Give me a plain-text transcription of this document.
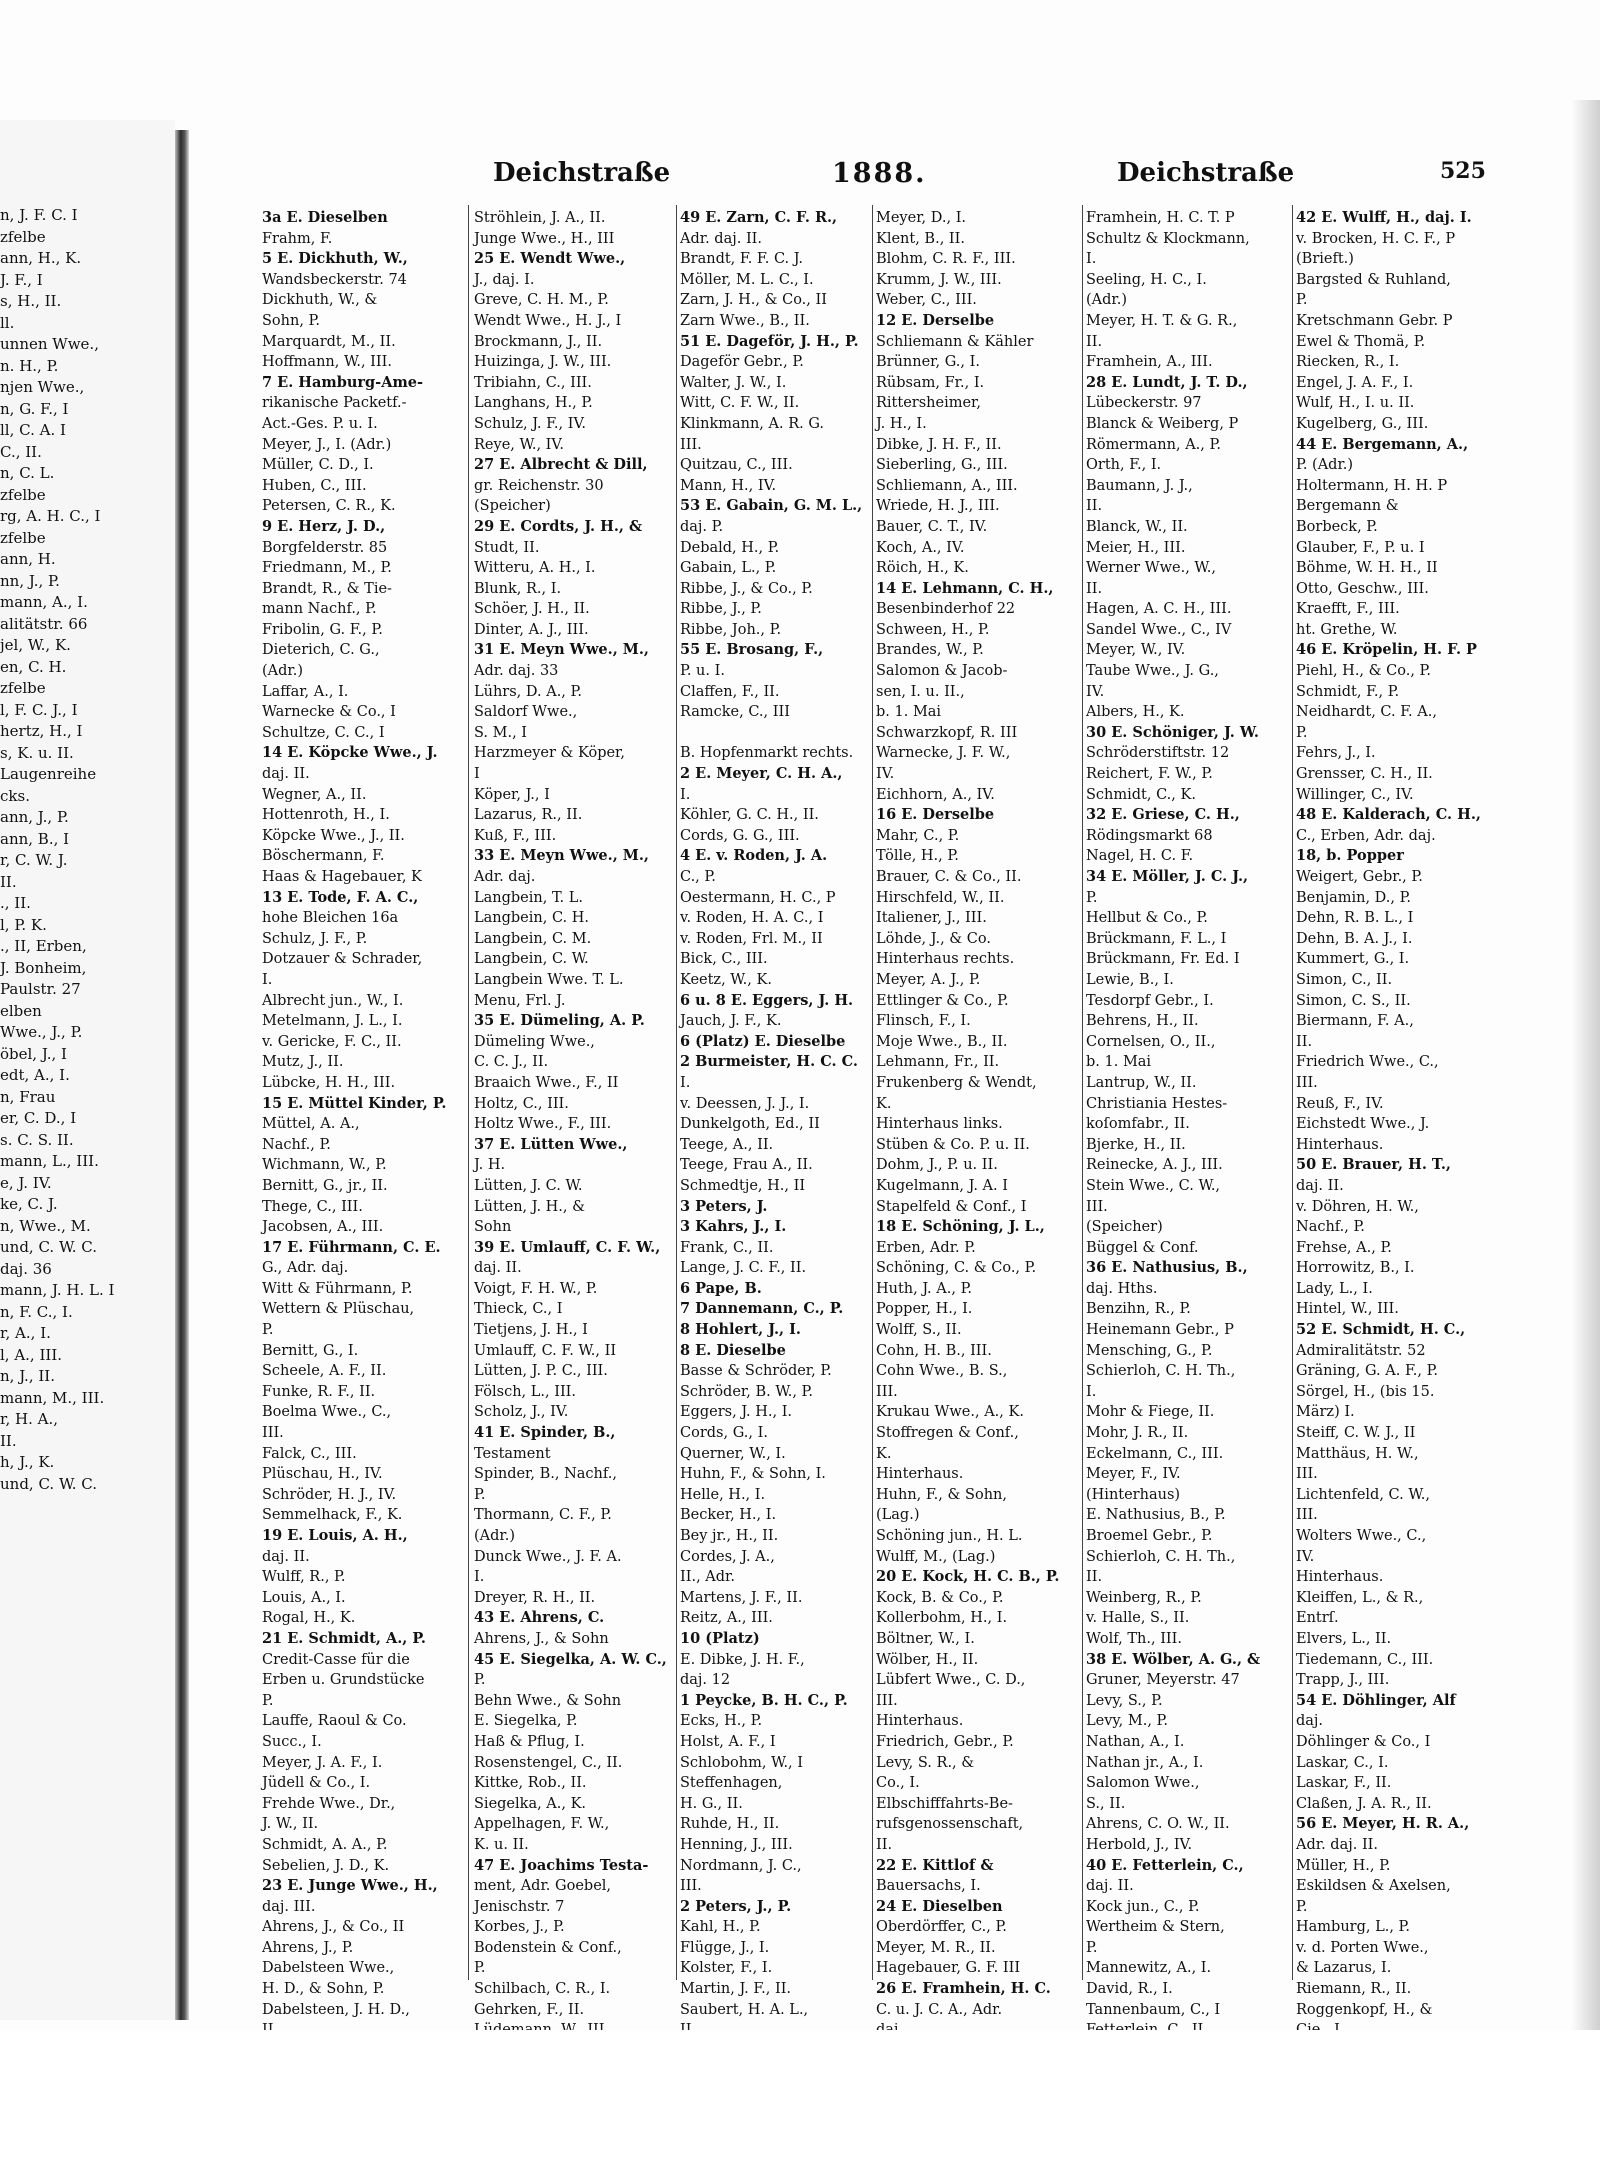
n, J. F. C. I
zfelbe
ann, H., K.
J. F., I
s, H., II.
ll.
unnen Wwe.,
n. H., P.
njen Wwe.,
n, G. F., I
ll, C. A. I
C., II.
n, C. L.
zfelbe
rg, A. H. C., I
zfelbe
ann, H.
nn, J., P.
mann, A., I.
alitätstr. 66
jel, W., K.
en, C. H.
zfelbe
l, F. C. J., I
hertz, H., I
s, K. u. II.
Laugenreihe
cks.
ann, J., P.
ann, B., I
r, C. W. J.
II.
., II.
l, P. K.
., II, Erben,
J. Bonheim,
Paulstr. 27
elben
Wwe., J., P.
öbel, J., I
edt, A., I.
n, Frau
er, C. D., I
s. C. S. II.
mann, L., III.
e, J. IV.
ke, C. J.
n, Wwe., M.
und, C. W. C.
daj. 36
mann, J. H. L. I
n, F. C., I.
r, A., I.
l, A., III.
n, J., II.
mann, M., III.
r, H. A.,
II.
h, J., K.
und, C. W. C.
Deichstraße	1888.	Deichstraße	525
3a E. Dieselben
Frahm, F.
5 E. Dickhuth, W.,
Wandsbeckerstr. 74
Dickhuth, W., &
Sohn, P.
Marquardt, M., II.
Hoffmann, W., III.
7 E. Hamburg-Ame-
rikanische Packetf.-
Act.-Ges. P. u. I.
Meyer, J., I. (Adr.)
Müller, C. D., I.
Huben, C., III.
Petersen, C. R., K.
9 E. Herz, J. D.,
Borgfelderstr. 85
Friedmann, M., P.
Brandt, R., & Tie-
mann Nachf., P.
Fribolin, G. F., P.
Dieterich, C. G.,
(Adr.)
Laffar, A., I.
Warnecke & Co., I
Schultze, C. C., I
14 E. Köpcke Wwe., J.
daj. II.
Wegner, A., II.
Hottenroth, H., I.
Köpcke Wwe., J., II.
Böschermann, F.
Haas & Hagebauer, K
13 E. Tode, F. A. C.,
hohe Bleichen 16a
Schulz, J. F., P.
Dotzauer & Schrader,
I.
Albrecht jun., W., I.
Metelmann, J. L., I.
v. Gericke, F. C., II.
Mutz, J., II.
Lübcke, H. H., III.
15 E. Müttel Kinder, P.
Müttel, A. A.,
Nachf., P.
Wichmann, W., P.
Bernitt, G., jr., II.
Thege, C., III.
Jacobsen, A., III.
17 E. Führmann, C. E.
G., Adr. daj.
Witt & Führmann, P.
Wettern & Plüschau,
P.
Bernitt, G., I.
Scheele, A. F., II.
Funke, R. F., II.
Boelma Wwe., C.,
III.
Falck, C., III.
Plüschau, H., IV.
Schröder, H. J., IV.
Semmelhack, F., K.
19 E. Louis, A. H.,
daj. II.
Wulff, R., P.
Louis, A., I.
Rogal, H., K.
21 E. Schmidt, A., P.
Credit-Casse für die
Erben u. Grundstücke
P.
Lauffe, Raoul & Co.
Succ., I.
Meyer, J. A. F., I.
Jüdell & Co., I.
Frehde Wwe., Dr.,
J. W., II.
Schmidt, A. A., P.
Sebelien, J. D., K.
23 E. Junge Wwe., H.,
daj. III.
Ahrens, J., & Co., II
Ahrens, J., P.
Dabelsteen Wwe.,
H. D., & Sohn, P.
Dabelsteen, J. H. D.,
Ströhlein, J. A., II.
Junge Wwe., H., III
25 E. Wendt Wwe.,
J., daj. I.
Greve, C. H. M., P.
Wendt Wwe., H. J., I
Brockmann, J., II.
Huizinga, J. W., III.
Tribiahn, C., III.
Langhans, H., P.
Schulz, J. F., IV.
Reye, W., IV.
27 E. Albrecht & Dill,
gr. Reichenstr. 30
(Speicher)
29 E. Cordts, J. H., &
Studt, II.
Witteru, A. H., I.
Blunk, R., I.
Schöer, J. H., II.
Dinter, A. J., III.
31 E. Meyn Wwe., M.,
Adr. daj. 33
Lührs, D. A., P.
Saldorf Wwe.,
S. M., I
Harzmeyer & Köper,
I
Köper, J., I
Lazarus, R., II.
Kuß, F., III.
33 E. Meyn Wwe., M.,
Adr. daj.
Langbein, T. L.
Langbein, C. H.
Langbein, C. M.
Langbein, C. W.
Langbein Wwe. T. L.
Menu, Frl. J.
35 E. Dümeling, A. P.
Dümeling Wwe.,
C. C. J., II.
Braaich Wwe., F., II
Holtz, C., III.
Holtz Wwe., F., III.
37 E. Lütten Wwe.,
J. H.
Lütten, J. C. W.
Lütten, J. H., &
Sohn
39 E. Umlauff, C. F. W.,
daj. II.
Voigt, F. H. W., P.
Thieck, C., I
Tietjens, J. H., I
Umlauff, C. F. W., II
Lütten, J. P. C., III.
Fölsch, L., III.
Scholz, J., IV.
41 E. Spinder, B.,
Testament
Spinder, B., Nachf.,
P.
Thormann, C. F., P.
(Adr.)
Dunck Wwe., J. F. A.
I.
Dreyer, R. H., II.
43 E. Ahrens, C.
Ahrens, J., & Sohn
45 E. Siegelka, A. W. C.,
P.
Behn Wwe., & Sohn
E. Siegelka, P.
Haß & Pflug, I.
Rosenstengel, C., II.
Kittke, Rob., II.
Siegelka, A., K.
Appelhagen, F. W.,
K. u. II.
47 E. Joachims Testa-
ment, Adr. Goebel,
Jenischstr. 7
Korbes, J., P.
Bodenstein & Conf.,
P.
Schilbach, C. R., I.
Gehrken, F., II.
49 E. Zarn, C. F. R.,
Adr. daj. II.
Brandt, F. F. C. J.
Möller, M. L. C., I.
Zarn, J. H., & Co., II
Zarn Wwe., B., II.
51 E. Dageför, J. H., P.
Dageför Gebr., P.
Walter, J. W., I.
Witt, C. F. W., II.
Klinkmann, A. R. G.
III.
Quitzau, C., III.
Mann, H., IV.
53 E. Gabain, G. M. L.,
daj. P.
Debald, H., P.
Gabain, L., P.
Ribbe, J., & Co., P.
Ribbe, J., P.
Ribbe, Joh., P.
55 E. Brosang, F.,
P. u. I.
Claffen, F., II.
Ramcke, C., III
B. Hopfenmarkt rechts.
2 E. Meyer, C. H. A.,
I.
Köhler, G. C. H., II.
Cords, G. G., III.
4 E. v. Roden, J. A.
C., P.
Oestermann, H. C., P
v. Roden, H. A. C., I
v. Roden, Frl. M., II
Bick, C., III.
Keetz, W., K.
6 u. 8 E. Eggers, J. H.
Jauch, J. F., K.
6 (Platz) E. Dieselbe
2 Burmeister, H. C. C.
I.
v. Deessen, J. J., I.
Dunkelgoth, Ed., II
Teege, A., II.
Teege, Frau A., II.
Schmedtje, H., II
3 Peters, J.
3 Kahrs, J., I.
Frank, C., II.
Lange, J. C. F., II.
6 Pape, B.
7 Dannemann, C., P.
8 Hohlert, J., I.
8 E. Dieselbe
Basse & Schröder, P.
Schröder, B. W., P.
Eggers, J. H., I.
Cords, G., I.
Querner, W., I.
Huhn, F., & Sohn, I.
Helle, H., I.
Becker, H., I.
Bey jr., H., II.
Cordes, J. A.,
II., Adr.
Martens, J. F., II.
Reitz, A., III.
10 (Platz)
E. Dibke, J. H. F.,
daj. 12
1 Peycke, B. H. C., P.
Ecks, H., P.
Holst, A. F., I
Schlobohm, W., I
Steffenhagen,
H. G., II.
Ruhde, H., II.
Henning, J., III.
Nordmann, J. C.,
III.
2 Peters, J., P.
Kahl, H., P.
Flügge, J., I.
Kolster, F., I.
Martin, J. F., II.
Saubert, H. A. L.,
Meyer, D., I.
Klent, B., II.
Blohm, C. R. F., III.
Krumm, J. W., III.
Weber, C., III.
12 E. Derselbe
Schliemann & Kähler
Brünner, G., I.
Rübsam, Fr., I.
Rittersheimer,
J. H., I.
Dibke, J. H. F., II.
Sieberling, G., III.
Schliemann, A., III.
Wriede, H. J., III.
Bauer, C. T., IV.
Koch, A., IV.
Röich, H., K.
14 E. Lehmann, C. H.,
Besenbinderhof 22
Schween, H., P.
Brandes, W., P.
Salomon & Jacob-
sen, I. u. II.,
b. 1. Mai
Schwarzkopf, R. III
Warnecke, J. F. W.,
IV.
Eichhorn, A., IV.
16 E. Derselbe
Mahr, C., P.
Tölle, H., P.
Brauer, C. & Co., II.
Hirschfeld, W., II.
Italiener, J., III.
Löhde, J., & Co.
Hinterhaus rechts.
Meyer, A. J., P.
Ettlinger & Co., P.
Flinsch, F., I.
Moje Wwe., B., II.
Lehmann, Fr., II.
Frukenberg & Wendt,
K.
Hinterhaus links.
Stüben & Co. P. u. II.
Dohm, J., P. u. II.
Kugelmann, J. A. I
Stapelfeld & Conf., I
18 E. Schöning, J. L.,
Erben, Adr. P.
Schöning, C. & Co., P.
Huth, J. A., P.
Popper, H., I.
Wolff, S., II.
Cohn, H. B., III.
Cohn Wwe., B. S.,
III.
Krukau Wwe., A., K.
Stoffregen & Conf.,
K.
Hinterhaus.
Huhn, F., & Sohn,
(Lag.)
Schöning jun., H. L.
Wulff, M., (Lag.)
20 E. Kock, H. C. B., P.
Kock, B. & Co., P.
Kollerbohm, H., I.
Böltner, W., I.
Wölber, H., II.
Lübfert Wwe., C. D.,
III.
Hinterhaus.
Friedrich, Gebr., P.
Levy, S. R., &
Co., I.
Elbschifffahrts-Be-
rufsgenossenschaft,
II.
22 E. Kittlof &
Bauersachs, I.
24 E. Dieselben
Oberdörffer, C., P.
Meyer, M. R., II.
Hagebauer, G. F. III
26 E. Framhein, H. C.
C. u. J. C. A., Adr.
Framhein, H. C. T. P
Schultz & Klockmann,
I.
Seeling, H. C., I.
(Adr.)
Meyer, H. T. & G. R.,
II.
Framhein, A., III.
28 E. Lundt, J. T. D.,
Lübeckerstr. 97
Blanck & Weiberg, P
Römermann, A., P.
Orth, F., I.
Baumann, J. J.,
II.
Blanck, W., II.
Meier, H., III.
Werner Wwe., W.,
II.
Hagen, A. C. H., III.
Sandel Wwe., C., IV
Meyer, W., IV.
Taube Wwe., J. G.,
IV.
Albers, H., K.
30 E. Schöniger, J. W.
Schröderstiftstr. 12
Reichert, F. W., P.
Schmidt, C., K.
32 E. Griese, C. H.,
Rödingsmarkt 68
Nagel, H. C. F.
34 E. Möller, J. C. J.,
P.
Hellbut & Co., P.
Brückmann, F. L., I
Brückmann, Fr. Ed. I
Lewie, B., I.
Tesdorpf Gebr., I.
Behrens, H., II.
Cornelsen, O., II.,
b. 1. Mai
Lantrup, W., II.
Christiania Hestes-
koſomfabr., II.
Bjerke, H., II.
Reinecke, A. J., III.
Stein Wwe., C. W.,
III.
(Speicher)
Büggel & Conf.
36 E. Nathusius, B.,
daj. Hths.
Benzihn, R., P.
Heinemann Gebr., P
Mensching, G., P.
Schierloh, C. H. Th.,
I.
Mohr & Fiege, II.
Mohr, J. R., II.
Eckelmann, C., III.
Meyer, F., IV.
(Hinterhaus)
E. Nathusius, B., P.
Broemel Gebr., P.
Schierloh, C. H. Th.,
II.
Weinberg, R., P.
v. Halle, S., II.
Wolf, Th., III.
38 E. Wölber, A. G., &
Gruner, Meyerstr. 47
Levy, S., P.
Levy, M., P.
Nathan, A., I.
Nathan jr., A., I.
Salomon Wwe.,
S., II.
Ahrens, C. O. W., II.
Herbold, J., IV.
40 E. Fetterlein, C.,
daj. II.
Kock jun., C., P.
Wertheim & Stern,
P.
Mannewitz, A., I.
David, R., I.
Tannenbaum, C., I
42 E. Wulff, H., daj. I.
v. Brocken, H. C. F., P
(Brieft.)
Bargsted & Ruhland,
P.
Kretschmann Gebr. P
Ewel & Thomä, P.
Riecken, R., I.
Engel, J. A. F., I.
Wulf, H., I. u. II.
Kugelberg, G., III.
44 E. Bergemann, A.,
P. (Adr.)
Holtermann, H. H. P
Bergemann &
Borbeck, P.
Glauber, F., P. u. I
Böhme, W. H. H., II
Otto, Geschw., III.
Kraefft, F., III.
ht. Grethe, W.
46 E. Kröpelin, H. F. P
Piehl, H., & Co., P.
Schmidt, F., P.
Neidhardt, C. F. A.,
P.
Fehrs, J., I.
Grensser, C. H., II.
Willinger, C., IV.
48 E. Kalderach, C. H.,
C., Erben, Adr. daj.
18, b. Popper
Weigert, Gebr., P.
Benjamin, D., P.
Dehn, R. B. L., I
Dehn, B. A. J., I.
Kummert, G., I.
Simon, C., II.
Simon, C. S., II.
Biermann, F. A.,
II.
Friedrich Wwe., C.,
III.
Reuß, F., IV.
Eichstedt Wwe., J.
Hinterhaus.
50 E. Brauer, H. T.,
daj. II.
v. Döhren, H. W.,
Nachf., P.
Frehse, A., P.
Horrowitz, B., I.
Lady, L., I.
Hintel, W., III.
52 E. Schmidt, H. C.,
Admiralitätstr. 52
Gräning, G. A. F., P.
Sörgel, H., (bis 15.
März) I.
Steiff, C. W. J., II
Matthäus, H. W.,
III.
Lichtenfeld, C. W.,
III.
Wolters Wwe., C.,
IV.
Hinterhaus.
Kleiffen, L., & R.,
Entrſ.
Elvers, L., II.
Tiedemann, C., III.
Trapp, J., III.
54 E. Döhlinger, Alf
daj.
Döhlinger & Co., I
Laskar, C., I.
Laskar, F., II.
Claßen, J. A. R., II.
56 E. Meyer, H. R. A.,
Adr. daj. II.
Müller, H., P.
Eskildsen & Axelsen,
P.
Hamburg, L., P.
v. d. Porten Wwe.,
& Lazarus, I.
Riemann, R., II.
Roggenkopf, H., &
